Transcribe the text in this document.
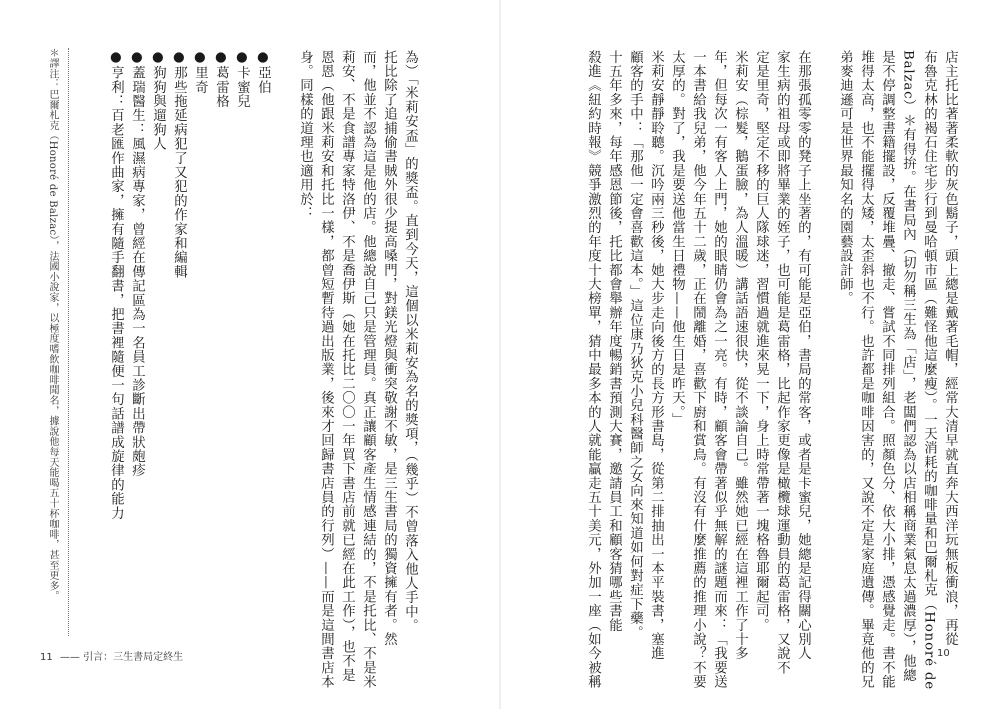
店主托比著著柔軟的灰色鬍子，頭上總是戴著毛帽，經常大清早就直奔大西洋玩無板衝浪，再從
布魯克林的褐石住宅步行到曼哈頓市區（難怪他這麼瘦）。一天消耗的咖啡量和巴爾札克（Honoré de
Balzac）＊有得拚。在書局內（切勿稱三生為「店」，老闆們認為以店相稱商業氣息太過濃厚），他總
是不停調整書籍擺設，反覆堆疊、撤走、嘗試不同排列組合。照顏色分、依大小排，憑感覺走。書不能
堆得太高，也不能擺得太矮，太歪斜也不行。也許都是咖啡因害的，又說不定是家庭遺傳。畢竟他的兄
弟麥迪遜可是世界最知名的園藝設計師。
在那張孤零零的凳子上坐著的，有可能是亞伯，書局的常客，或者是卡蜜兒，她總是記得關心別人
家生病的祖母或即將畢業的姪子，也可能是葛雷格，比起作家更像是橄欖球運動員的葛雷格，又說不
定是里奇，堅定不移的巨人隊球迷，習慣過就進來晃一下，身上時常帶著一塊格魯耶爾起司。
米莉安（棕髮，鵝蛋臉，為人溫暖）講話語速很快，從不談論自己。雖然她已經在這裡工作了十多
年，但每次一有客人上門，她的眼睛仍會為之一亮。有時，顧客會帶著似乎無解的謎題而來：「我要送
一本書給我兒弟，他今年五十二歲，正在鬧離婚，喜歡下廚和賞鳥。有沒有什麼推薦的推理小說？不要
太厚的。對了，我是要送他當生日禮物——他生日是昨天。」
米莉安靜靜聆聽。沉吟兩三秒後，她大步走向後方的長方形書島，從第二排抽出一本平裝書，塞進
顧客的手中：「那他一定會喜歡這本。」這位康乃狄克小兒科醫師之女向來知道如何對症下藥。
十五年多來，每年感恩節後，托比都會舉辦年度暢銷書預測大賽，邀請員工和顧客猜哪些書能
殺進《紐約時報》競爭激烈的年度十大榜單，猜中最多本的人就能贏走五十美元，外加一座（如今被稱
為）「米莉安盃」的獎盃。直到今天，這個以米莉安為名的獎項，（幾乎）不曾落入他人手中。
托比除了追捕偷書賊外很少提高嗓門，對鎂光燈與衝突敬謝不敏，是三生書局的獨資擁有者。然
而，他並不認為這是他的店。他總說自己只是管理員。真正讓顧客產生情感連結的，不是托比、不是米
莉安、不是食譜專家特洛伊、不是喬伊斯（她在托比二〇〇一年買下書店前就已經在此工作），也不是
恩恩（他跟米莉安和托比一樣，都曾短暫待過出版業，後來才回歸書店員的行列）——而是這間書店本
身。同樣的道理也適用於：
●亞伯
●卡蜜兒
●葛雷格
●里奇
●那些拖延病犯了又犯的作家和編輯
●狗狗與遛狗人
●蓋瑞醫生：風濕病專家，曾經在傳記區為一名員工診斷出帶狀皰疹
●亨利：百老匯作曲家，擁有隨手翻書，把書裡隨便一句話譜成旋律的能力
＊譯注：巴爾札克（Honoré de Balzac），法國小說家，以極度嗜飲咖啡聞名，據說他每天能喝五十杯咖啡，甚至更多。
11 —— 引言：三生書局定終生	10
